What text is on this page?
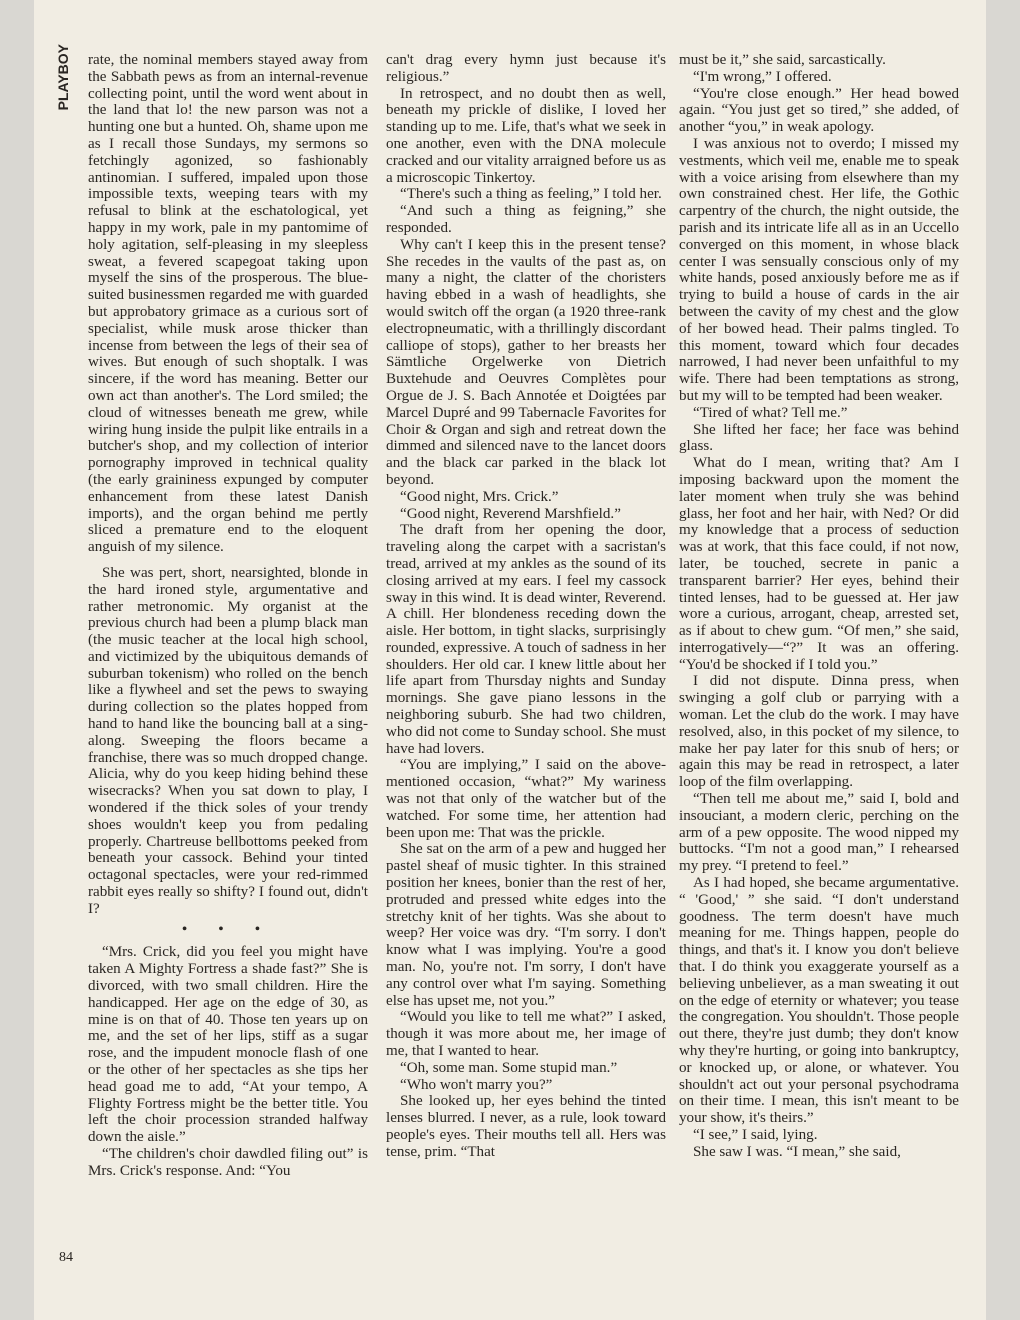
PLAYBOY
84

rate, the nominal members stayed away from the Sabbath pews as from an internal-revenue collecting point, until the word went about in the land that lo! the new parson was not a hunting one but a hunted. Oh, shame upon me as I recall those Sundays, my sermons so fetchingly agonized, so fashionably antinomian. I suffered, impaled upon those impossible texts, weeping tears with my refusal to blink at the eschatological, yet happy in my work, pale in my pantomime of holy agitation, self-pleasing in my sleepless sweat, a fevered scapegoat taking upon myself the sins of the prosperous. The blue-suited businessmen regarded me with guarded but approbatory grimace as a curious sort of specialist, while musk arose thicker than incense from between the legs of their sea of wives. But enough of such shoptalk. I was sincere, if the word has meaning. Better our own act than another's. The Lord smiled; the cloud of witnesses beneath me grew, while wiring hung inside the pulpit like entrails in a butcher's shop, and my collection of interior pornography improved in technical quality (the early graininess expunged by computer enhancement from these latest Danish imports), and the organ behind me pertly sliced a premature end to the eloquent anguish of my silence.

She was pert, short, nearsighted, blonde in the hard ironed style, argumentative and rather metronomic. My organist at the previous church had been a plump black man (the music teacher at the local high school, and victimized by the ubiquitous demands of suburban tokenism) who rolled on the bench like a flywheel and set the pews to swaying during collection so the plates hopped from hand to hand like the bouncing ball at a sing-along. Sweeping the floors became a franchise, there was so much dropped change. Alicia, why do you keep hiding behind these wisecracks? When you sat down to play, I wondered if the thick soles of your trendy shoes wouldn't keep you from pedaling properly. Chartreuse bellbottoms peeked from beneath your cassock. Behind your tinted octagonal spectacles, were your red-rimmed rabbit eyes really so shifty? I found out, didn't I?

• • •

“Mrs. Crick, did you feel you might have taken A Mighty Fortress a shade fast?” She is divorced, with two small children. Hire the handicapped. Her age on the edge of 30, as mine is on that of 40. Those ten years up on me, and the set of her lips, stiff as a sugar rose, and the impudent monocle flash of one or the other of her spectacles as she tips her head goad me to add, “At your tempo, A Flighty Fortress might be the better title. You left the choir procession stranded halfway down the aisle.”

“The children's choir dawdled filing out” is Mrs. Crick's response. And: “You

can't drag every hymn just because it's religious.”

In retrospect, and no doubt then as well, beneath my prickle of dislike, I loved her standing up to me. Life, that's what we seek in one another, even with the DNA molecule cracked and our vitality arraigned before us as a microscopic Tinkertoy.

“There's such a thing as feeling,” I told her.

“And such a thing as feigning,” she responded.

Why can't I keep this in the present tense? She recedes in the vaults of the past as, on many a night, the clatter of the choristers having ebbed in a wash of headlights, she would switch off the organ (a 1920 three-rank electropneumatic, with a thrillingly discordant calliope of stops), gather to her breasts her Sämtliche Orgelwerke von Dietrich Buxtehude and Oeuvres Complètes pour Orgue de J. S. Bach Annotée et Doigtées par Marcel Dupré and 99 Tabernacle Favorites for Choir & Organ and sigh and retreat down the dimmed and silenced nave to the lancet doors and the black car parked in the black lot beyond.

“Good night, Mrs. Crick.”

“Good night, Reverend Marshfield.”

The draft from her opening the door, traveling along the carpet with a sacristan's tread, arrived at my ankles as the sound of its closing arrived at my ears. I feel my cassock sway in this wind. It is dead winter, Reverend. A chill. Her blondeness receding down the aisle. Her bottom, in tight slacks, surprisingly rounded, expressive. A touch of sadness in her shoulders. Her old car. I knew little about her life apart from Thursday nights and Sunday mornings. She gave piano lessons in the neighboring suburb. She had two children, who did not come to Sunday school. She must have had lovers.

“You are implying,” I said on the above-mentioned occasion, “what?” My wariness was not that only of the watcher but of the watched. For some time, her attention had been upon me: That was the prickle.

She sat on the arm of a pew and hugged her pastel sheaf of music tighter. In this strained position her knees, bonier than the rest of her, protruded and pressed white edges into the stretchy knit of her tights. Was she about to weep? Her voice was dry. “I'm sorry. I don't know what I was implying. You're a good man. No, you're not. I'm sorry, I don't have any control over what I'm saying. Something else has upset me, not you.”

“Would you like to tell me what?” I asked, though it was more about me, her image of me, that I wanted to hear.

“Oh, some man. Some stupid man.”

“Who won't marry you?”

She looked up, her eyes behind the tinted lenses blurred. I never, as a rule, look toward people's eyes. Their mouths tell all. Hers was tense, prim. “That

must be it,” she said, sarcastically.

“I'm wrong,” I offered.

“You're close enough.” Her head bowed again. “You just get so tired,” she added, of another “you,” in weak apology.

I was anxious not to overdo; I missed my vestments, which veil me, enable me to speak with a voice arising from elsewhere than my own constrained chest. Her life, the Gothic carpentry of the church, the night outside, the parish and its intricate life all as in an Uccello converged on this moment, in whose black center I was sensually conscious only of my white hands, posed anxiously before me as if trying to build a house of cards in the air between the cavity of my chest and the glow of her bowed head. Their palms tingled. To this moment, toward which four decades narrowed, I had never been unfaithful to my wife. There had been temptations as strong, but my will to be tempted had been weaker.

“Tired of what? Tell me.”

She lifted her face; her face was behind glass.

What do I mean, writing that? Am I imposing backward upon the moment the later moment when truly she was behind glass, her foot and her hair, with Ned? Or did my knowledge that a process of seduction was at work, that this face could, if not now, later, be touched, secrete in panic a transparent barrier? Her eyes, behind their tinted lenses, had to be guessed at. Her jaw wore a curious, arrogant, cheap, arrested set, as if about to chew gum. “Of men,” she said, interrogatively—“?” It was an offering. “You'd be shocked if I told you.”

I did not dispute. Dinna press, when swinging a golf club or parrying with a woman. Let the club do the work. I may have resolved, also, in this pocket of my silence, to make her pay later for this snub of hers; or again this may be read in retrospect, a later loop of the film overlapping.

“Then tell me about me,” said I, bold and insouciant, a modern cleric, perching on the arm of a pew opposite. The wood nipped my buttocks. “I'm not a good man,” I rehearsed my prey. “I pretend to feel.”

As I had hoped, she became argumentative. “ 'Good,' ” she said. “I don't understand goodness. The term doesn't have much meaning for me. Things happen, people do things, and that's it. I know you don't believe that. I do think you exaggerate yourself as a believing unbeliever, as a man sweating it out on the edge of eternity or whatever; you tease the congregation. You shouldn't. Those people out there, they're just dumb; they don't know why they're hurting, or going into bankruptcy, or knocked up, or alone, or whatever. You shouldn't act out your personal psychodrama on their time. I mean, this isn't meant to be your show, it's theirs.”

“I see,” I said, lying.

She saw I was. “I mean,” she said,
